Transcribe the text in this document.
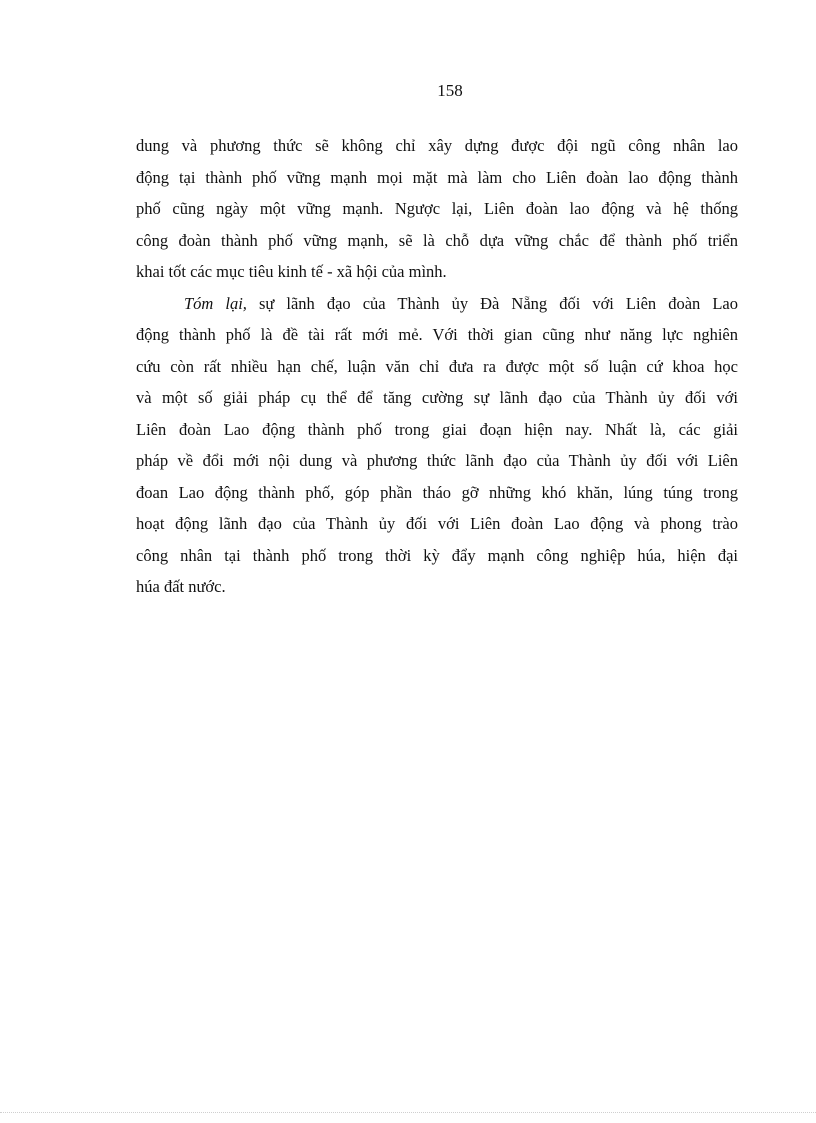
158
dung và phương thức sẽ không chỉ xây dựng được đội ngũ công nhân lao
động tại thành phố vững mạnh mọi mặt mà làm cho Liên đoàn lao động thành
phố cũng ngày một vững mạnh. Ngược lại, Liên đoàn lao động và hệ thống
công đoàn thành phố vững mạnh, sẽ là chỗ dựa vững chắc để thành phố triển
khai tốt các mục tiêu kinh tế - xã hội của mình.
Tóm lại, sự lãnh đạo của Thành ủy Đà Nẵng đối với Liên đoàn Lao
động thành phố là đề tài rất mới mẻ. Với thời gian cũng như năng lực nghiên
cứu còn rất nhiều hạn chế, luận văn chỉ đưa ra được một số luận cứ khoa học
và một số giải pháp cụ thể để tăng cường sự lãnh đạo của Thành ủy đối với
Liên đoàn Lao động thành phố trong giai đoạn hiện nay. Nhất là, các giải
pháp về đổi mới nội dung và phương thức lãnh đạo của Thành ủy đối với Liên
đoan Lao động thành phố, góp phần tháo gỡ những khó khăn, lúng túng trong
hoạt động lãnh đạo của Thành ủy đối với Liên đoàn Lao động và phong trào
công nhân tại thành phố trong thời kỳ đẩy mạnh công nghiệp húa, hiện đại
húa đất nước.
